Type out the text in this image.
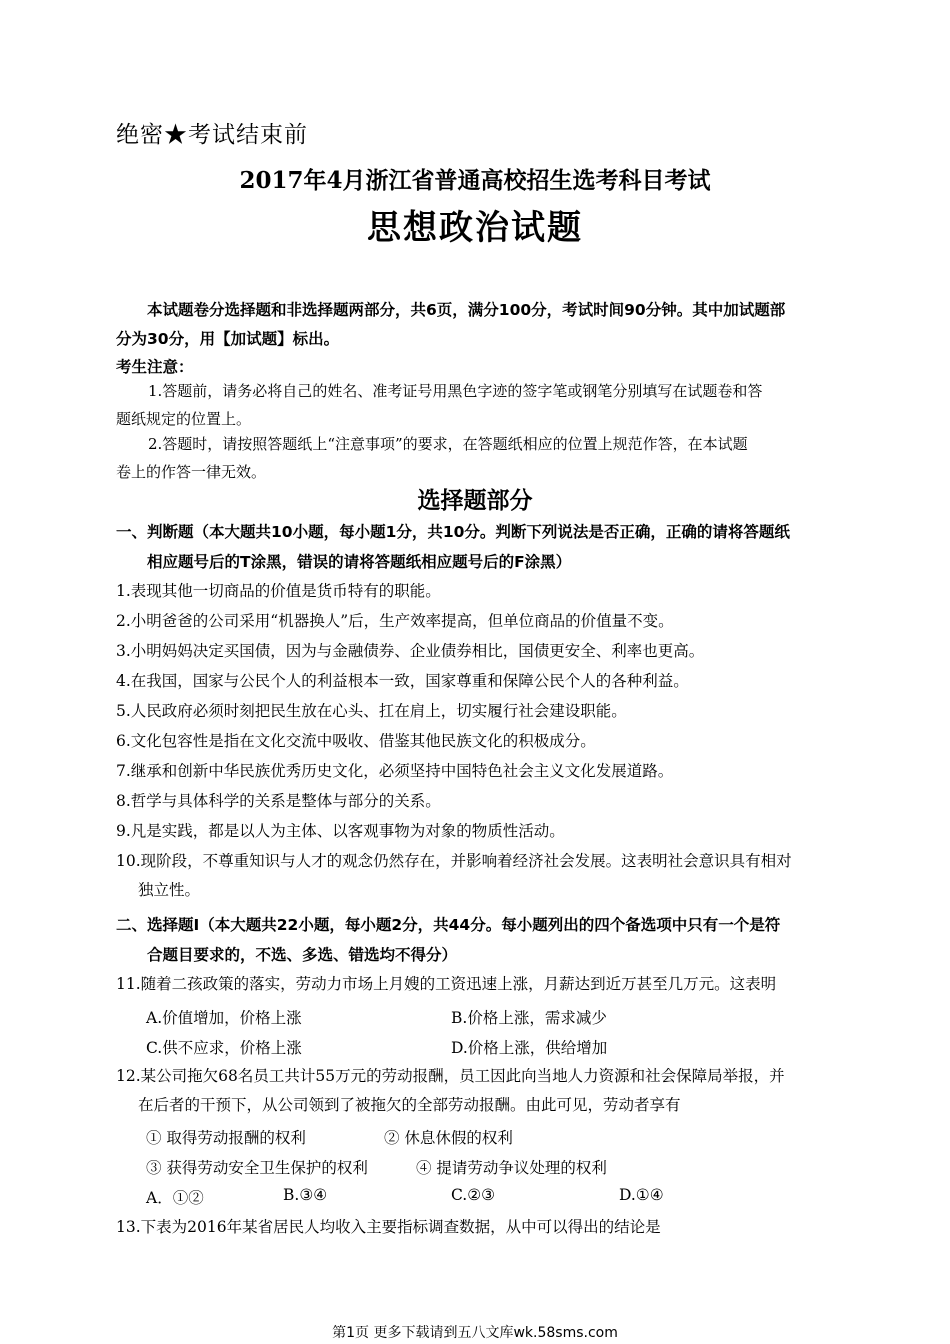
绝密★考试结束前
2017年4月浙江省普通高校招生选考科目考试
思想政治试题
本试题卷分选择题和非选择题两部分，共6页，满分100分，考试时间90分钟。其中加试题部
分为30分，用【加试题】标出。
考生注意：

1.答题前，请务必将自己的姓名、准考证号用黑色字迹的签字笔或钢笔分别填写在试题卷和答

题纸规定的位置上。

2.答题时，请按照答题纸上“注意事项”的要求，在答题纸相应的位置上规范作答，在本试题

卷上的作答一律无效。
选择题部分
一、判断题（本大题共10小题，每小题1分，共10分。判断下列说法是否正确，正确的请将答题纸
相应题号后的T涂黑，错误的请将答题纸相应题号后的F涂黑）
1.表现其他一切商品的价值是货币特有的职能。
2.小明爸爸的公司采用“机器换人”后，生产效率提高，但单位商品的价值量不变。
3.小明妈妈决定买国债，因为与金融债券、企业债券相比，国债更安全、利率也更高。
4.在我国，国家与公民个人的利益根本一致，国家尊重和保障公民个人的各种利益。
5.人民政府必须时刻把民生放在心头、扛在肩上，切实履行社会建设职能。
6.文化包容性是指在文化交流中吸收、借鉴其他民族文化的积极成分。
7.继承和创新中华民族优秀历史文化，必须坚持中国特色社会主义文化发展道路。
8.哲学与具体科学的关系是整体与部分的关系。
9.凡是实践，都是以人为主体、以客观事物为对象的物质性活动。
10.现阶段，不尊重知识与人才的观念仍然存在，并影响着经济社会发展。这表明社会意识具有相对
独立性。
二、选择题Ⅰ（本大题共22小题，每小题2分，共44分。每小题列出的四个备选项中只有一个是符
合题目要求的，不选、多选、错选均不得分）
11.随着二孩政策的落实，劳动力市场上月嫂的工资迅速上涨，月薪达到近万甚至几万元。这表明
A.价值增加，价格上涨	B.价格上涨，需求减少
C.供不应求，价格上涨	D.价格上涨，供给增加
12.某公司拖欠68名员工共计55万元的劳动报酬，员工因此向当地人力资源和社会保障局举报，并
在后者的干预下，从公司领到了被拖欠的全部劳动报酬。由此可见，劳动者享有
① 取得劳动报酬的权利	② 休息休假的权利
③ 获得劳动安全卫生保护的权利	④ 提请劳动争议处理的权利
A．①②	B.③④	C.②③	D.①④
13.下表为2016年某省居民人均收入主要指标调查数据，从中可以得出的结论是
第1页 更多下载请到五八文库wk.58sms.com
